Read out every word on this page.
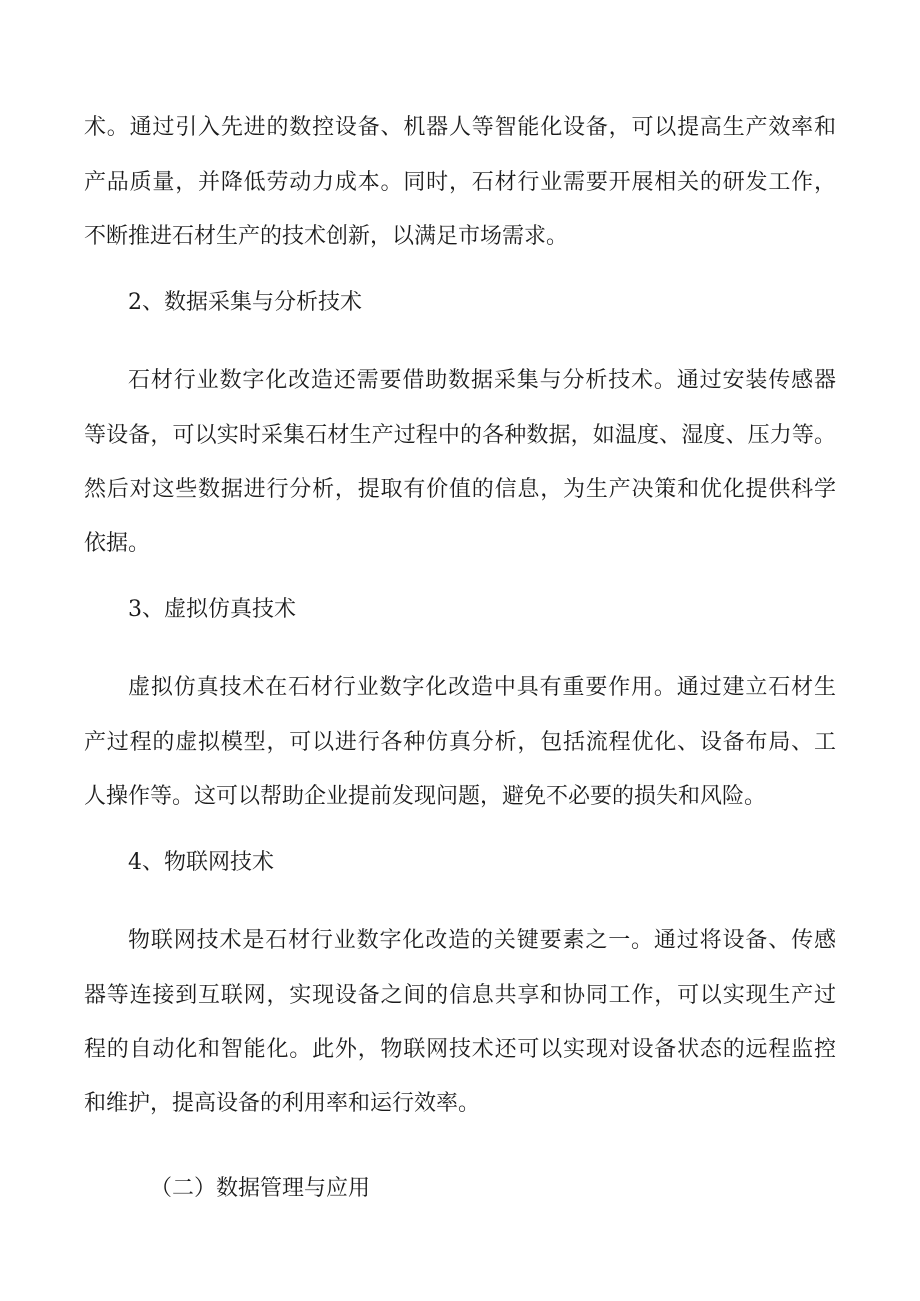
术。通过引入先进的数控设备、机器人等智能化设备，可以提高生产效率和
产品质量，并降低劳动力成本。同时，石材行业需要开展相关的研发工作，
不断推进石材生产的技术创新，以满足市场需求。
2、数据采集与分析技术
石材行业数字化改造还需要借助数据采集与分析技术。通过安装传感器
等设备，可以实时采集石材生产过程中的各种数据，如温度、湿度、压力等。
然后对这些数据进行分析，提取有价值的信息，为生产决策和优化提供科学
依据。
3、虚拟仿真技术
虚拟仿真技术在石材行业数字化改造中具有重要作用。通过建立石材生
产过程的虚拟模型，可以进行各种仿真分析，包括流程优化、设备布局、工
人操作等。这可以帮助企业提前发现问题，避免不必要的损失和风险。
4、物联网技术
物联网技术是石材行业数字化改造的关键要素之一。通过将设备、传感
器等连接到互联网，实现设备之间的信息共享和协同工作，可以实现生产过
程的自动化和智能化。此外，物联网技术还可以实现对设备状态的远程监控
和维护，提高设备的利用率和运行效率。
（二）数据管理与应用
